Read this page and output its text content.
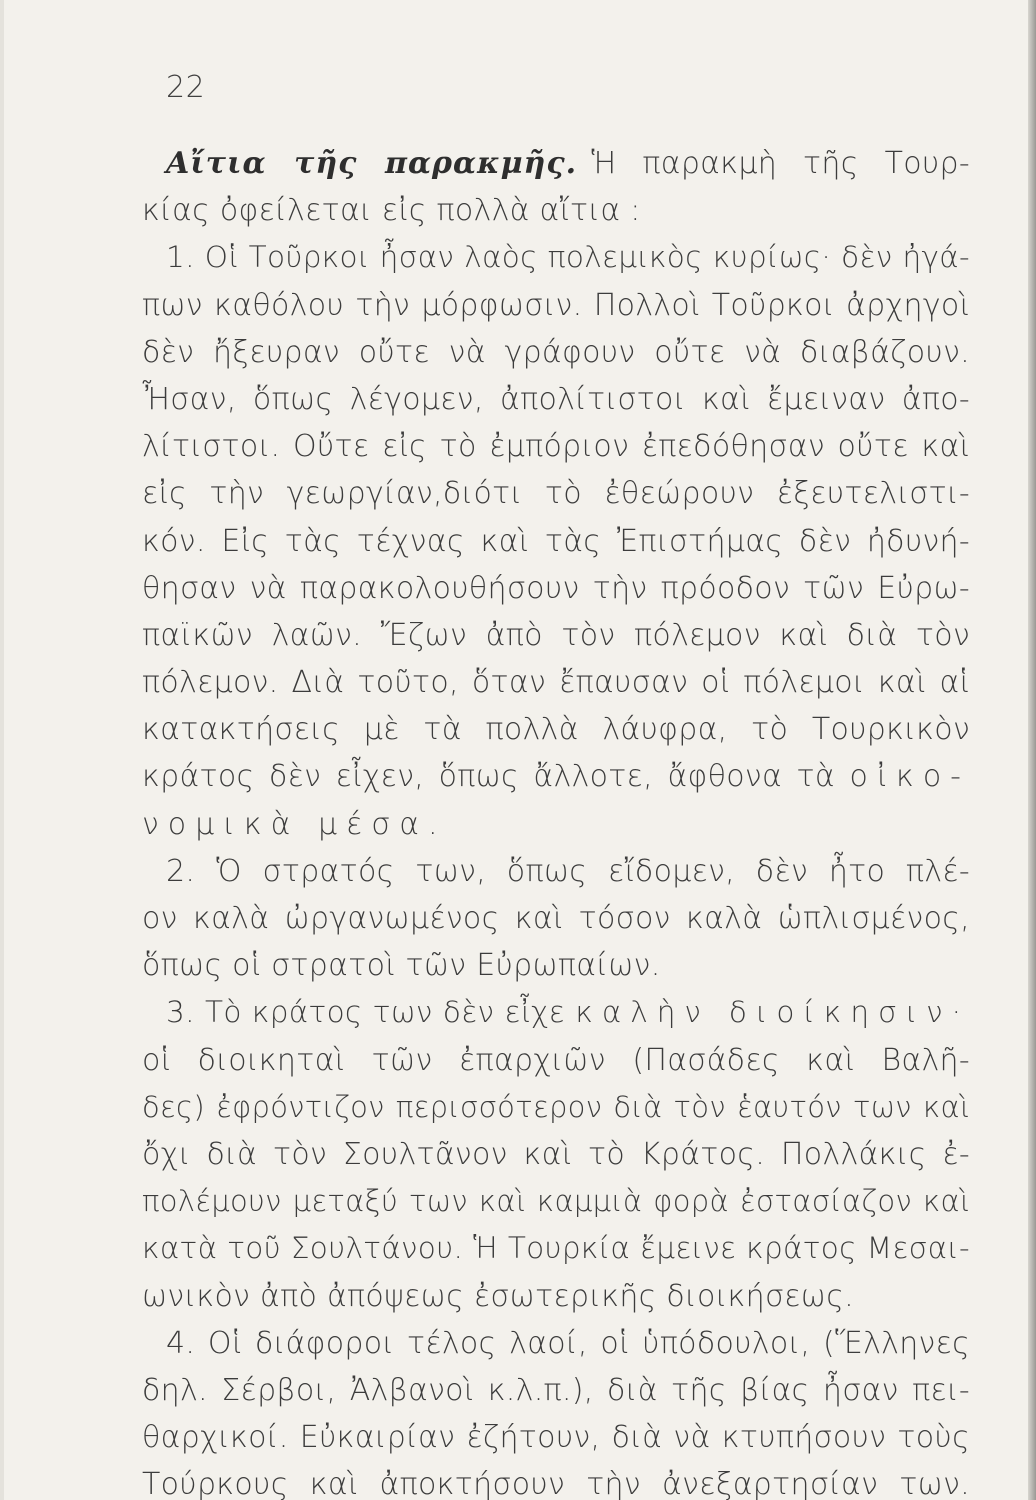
22
Αἴτια τῆς παρακμῆς. Ἡ παρακμὴ τῆς Τουρ-
κίας ὀφείλεται εἰς πολλὰ αἴτια :
1. Οἱ Τοῦρκοι ἦσαν λαὸς πολεμικὸς κυρίως· δὲν ἠγά-
πων καθόλου τὴν μόρφωσιν. Πολλοὶ Τοῦρκοι ἀρχηγοὶ
δὲν ἤξευραν οὔτε νὰ γράφουν οὔτε νὰ διαβάζουν.
Ἦσαν, ὅπως λέγομεν, ἀπολίτιστοι καὶ ἔμειναν ἀπο-
λίτιστοι. Οὔτε εἰς τὸ ἐμπόριον ἐπεδόθησαν οὔτε καὶ
εἰς τὴν γεωργίαν,διότι τὸ ἐθεώρουν ἐξευτελιστι-
κόν. Εἰς τὰς τέχνας καὶ τὰς Ἐπιστήμας δὲν ἠδυνή-
θησαν νὰ παρακολουθήσουν τὴν πρόοδον τῶν Εὐρω-
παϊκῶν λαῶν. Ἔζων ἀπὸ τὸν πόλεμον καὶ διὰ τὸν
πόλεμον. Διὰ τοῦτο, ὅταν ἔπαυσαν οἱ πόλεμοι καὶ αἱ
κατακτήσεις μὲ τὰ πολλὰ λάυφρα, τὸ Τουρκικὸν
κράτος δὲν εἶχεν, ὅπως ἄλλοτε, ἄφθονα τὰ οἰκο-
νομικὰ μέσα.
2. Ὁ στρατός των, ὅπως εἴδομεν, δὲν ἦτο πλέ-
ον καλὰ ὠργανωμένος καὶ τόσον καλὰ ὡπλισμένος,
ὅπως οἱ στρατοὶ τῶν Εὐρωπαίων.
3. Τὸ κράτος των δὲν εἶχε καλὴν διοίκησιν·
οἱ διοικηταὶ τῶν ἐπαρχιῶν (Πασάδες καὶ Βαλῆ-
δες) ἐφρόντιζον περισσότερον διὰ τὸν ἑαυτόν των καὶ
ὄχι διὰ τὸν Σουλτᾶνον καὶ τὸ Κράτος. Πολλάκις ἐ-
πολέμουν μεταξύ των καὶ καμμιὰ φορὰ ἐστασίαζον καὶ
κατὰ τοῦ Σουλτάνου. Ἡ Τουρκία ἔμεινε κράτος Μεσαι-
ωνικὸν ἀπὸ ἀπόψεως ἐσωτερικῆς διοικήσεως.
4. Οἱ διάφοροι τέλος λαοί, οἱ ὑπόδουλοι, (Ἕλληνες
δηλ. Σέρβοι, Ἀλβανοὶ κ.λ.π.), διὰ τῆς βίας ἦσαν πει-
θαρχικοί. Εὐκαιρίαν ἐζήτουν, διὰ νὰ κτυπήσουν τοὺς
Τούρκους καὶ ἀποκτήσουν τὴν ἀνεξαρτησίαν των.
